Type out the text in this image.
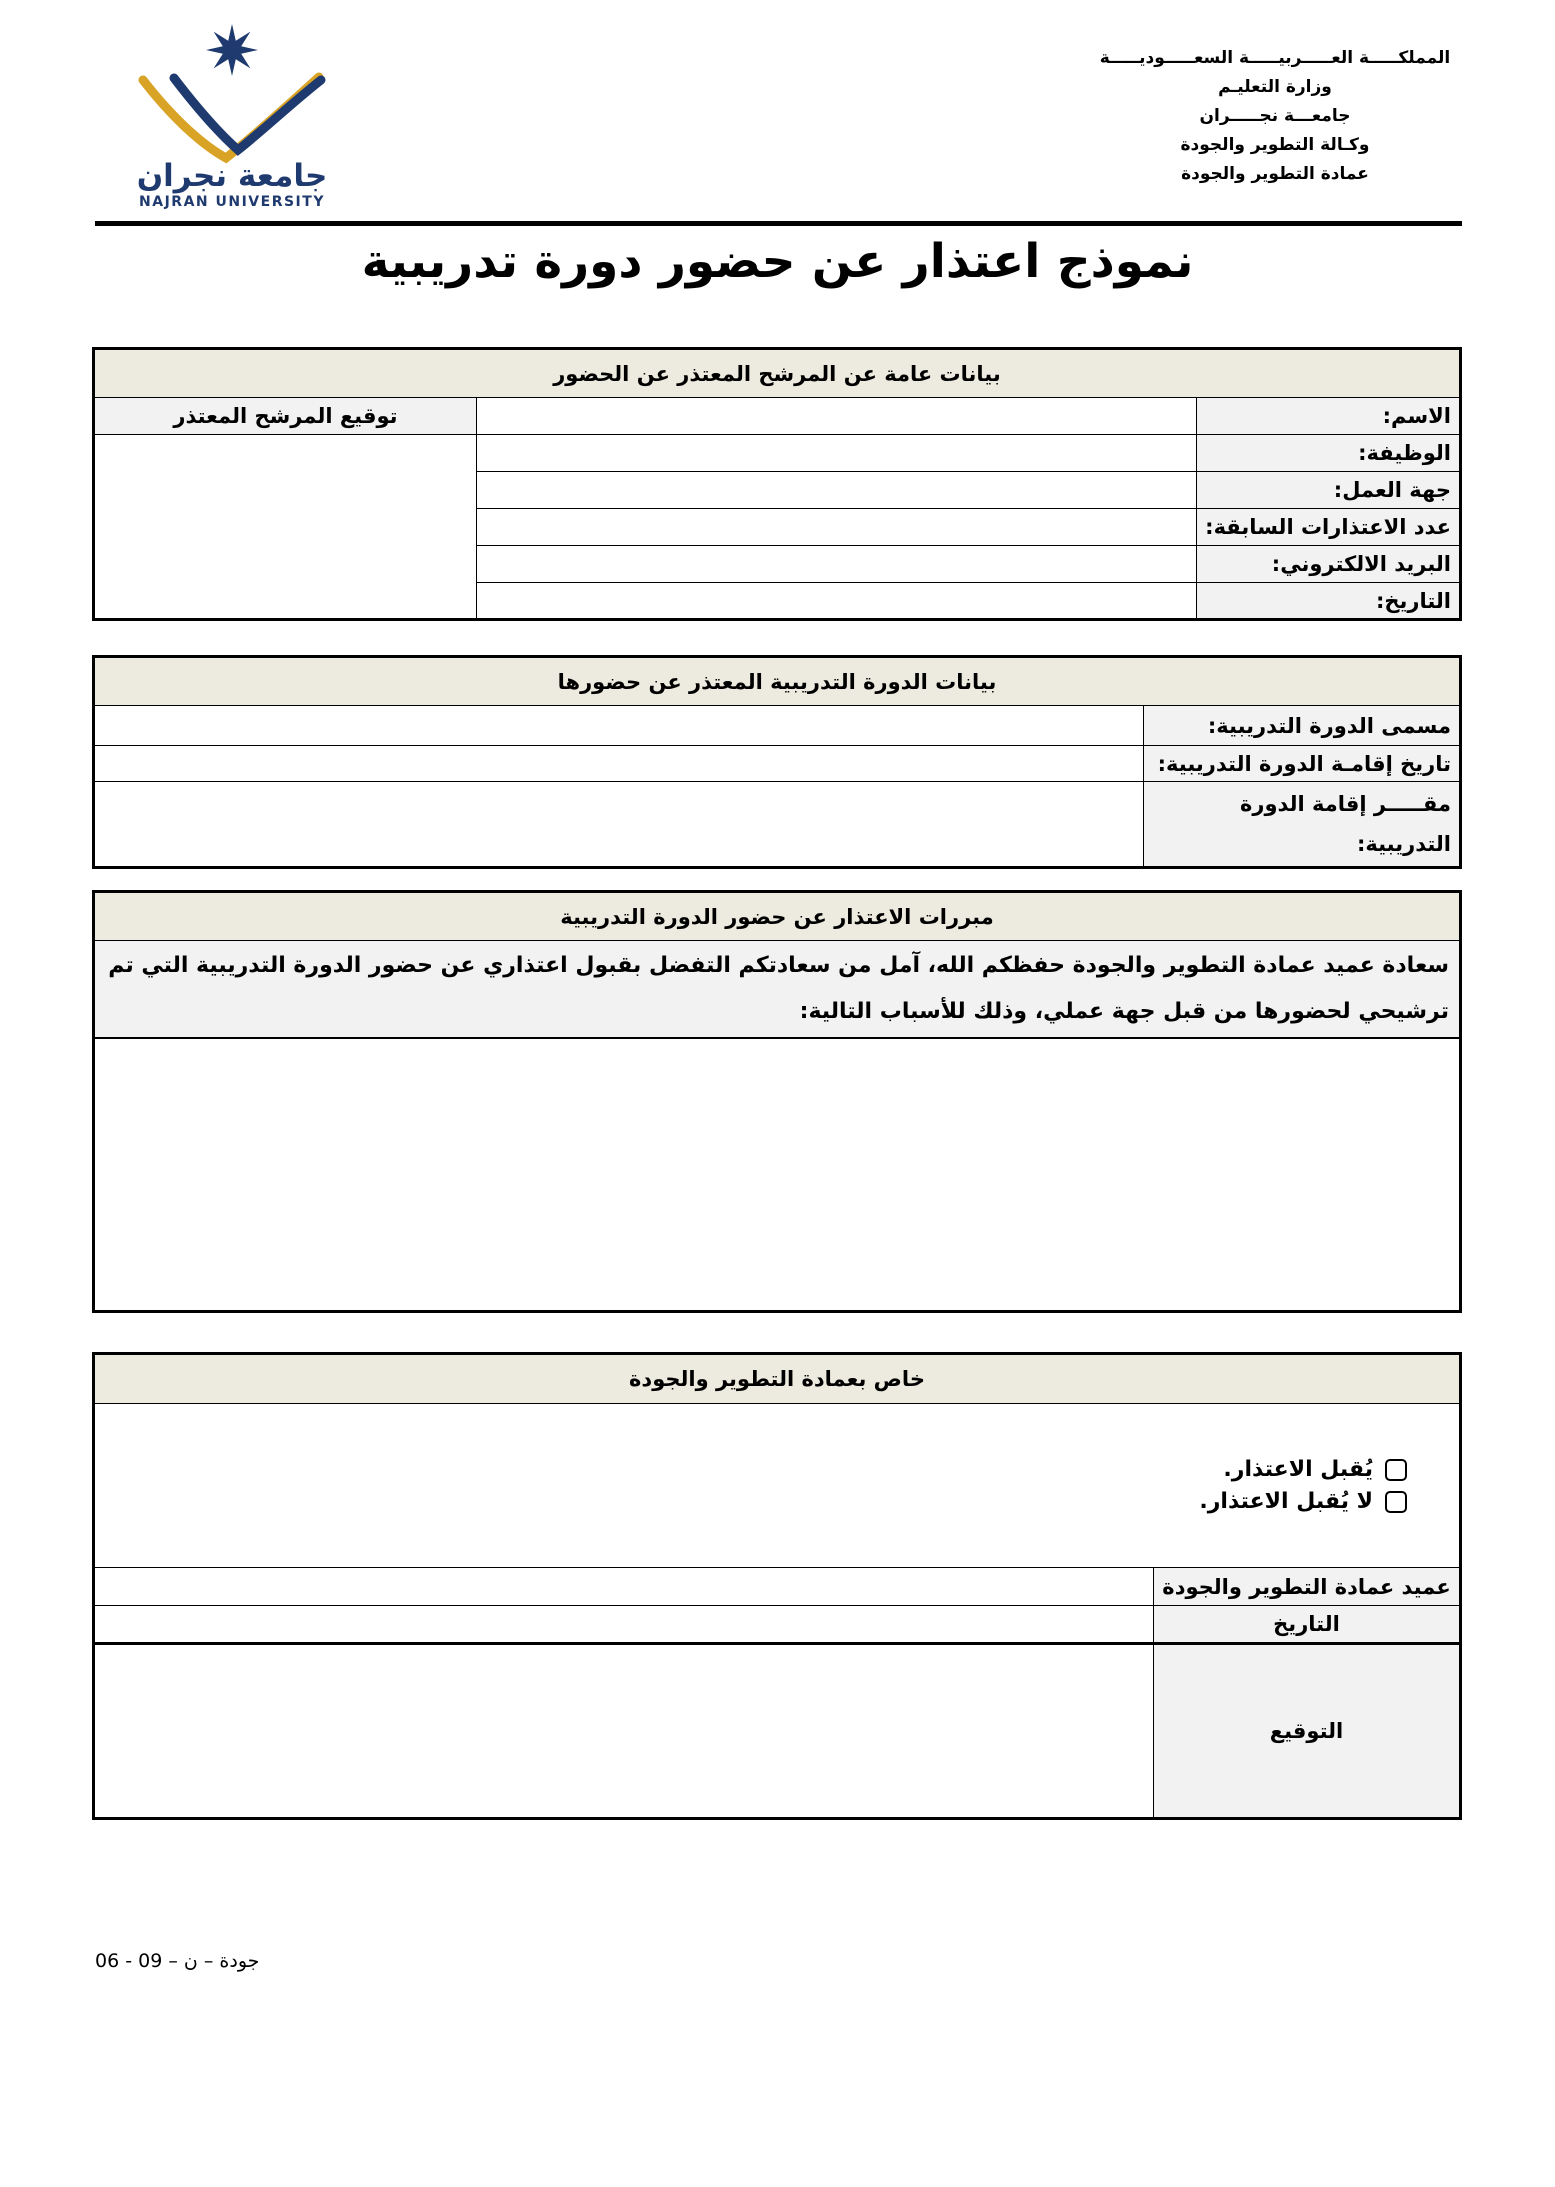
جامعة نجران
NAJRAN UNIVERSITY
المملكـــــة العـــــربيـــــة السعـــــوديـــــة
وزارة التعليـم
جامعـــة نجـــــران
وكـالة التطوير والجودة
عمادة التطوير والجودة
نموذج اعتذار عن حضور دورة تدريبية
بيانات عامة عن المرشح المعتذر عن الحضور		
الاسم:		توقيع المرشح المعتذر
الوظيفة:		
جهة العمل:		
عدد الاعتذارات السابقة:		
البريد الالكتروني:		
التاريخ:		
بيانات الدورة التدريبية المعتذر عن حضورها	
مسمى الدورة التدريبية:	
تاريخ إقامـة الدورة التدريبية:	
مقـــــر إقامة الدورة التدريبية:	
مبررات الاعتذار عن حضور الدورة التدريبية
سعادة عميد عمادة التطوير والجودة حفظكم الله، آمل من سعادتكم التفضل بقبول اعتذاري عن حضور الدورة التدريبية التي تم ترشيحي لحضورها من قبل جهة عملي، وذلك للأسباب التالية:

خاص بعمادة التطوير والجودة	

يُقبل الاعتذار.
لا يُقبل الاعتذار.	

عميد عمادة التطوير والجودة	
التاريخ	
التوقيع	
جودة – ن – 09 - 06
